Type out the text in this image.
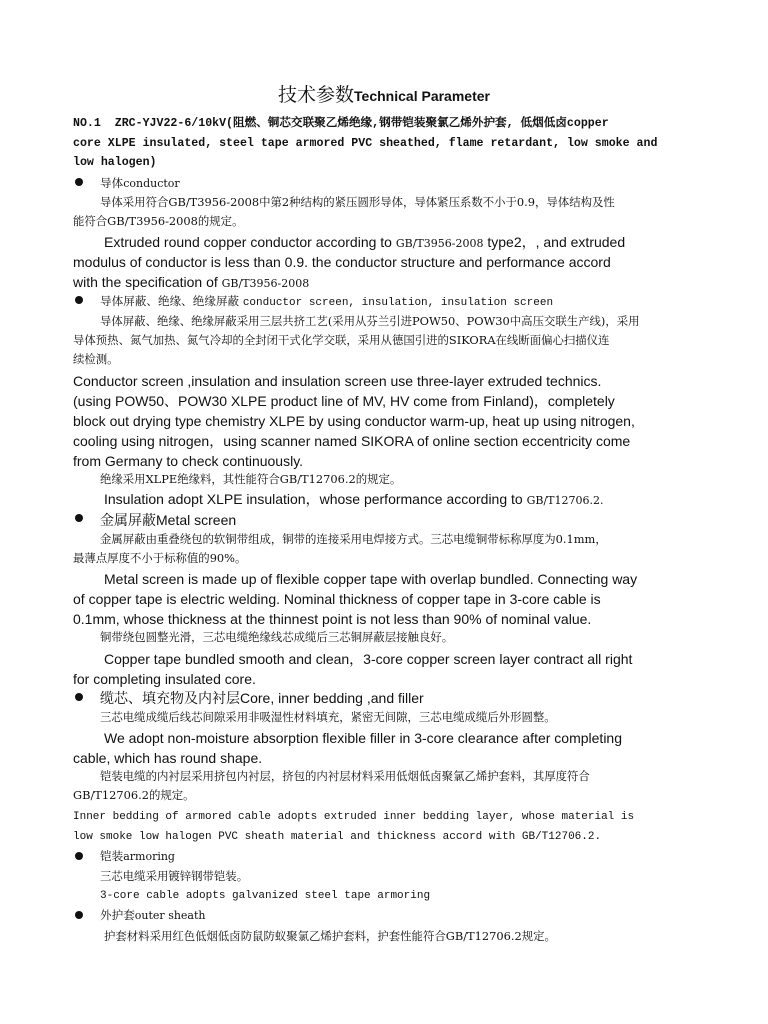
技术参数Technical Parameter
NO.1  ZRC-YJV22-6/10kV(阻燃、铜芯交联聚乙烯绝缘,钢带铠装聚氯乙烯外护套, 低烟低卤copper
core XLPE insulated, steel tape armored PVC sheathed, flame retardant, low smoke and
low halogen)
导体conductor
导体采用符合GB/T3956-2008中第2种结构的紧压圆形导体，导体紧压系数不小于0.9，导体结构及性
能符合GB/T3956-2008的规定。
Extruded round copper conductor according to GB/T3956-2008 type2，, and extruded
modulus of conductor is less than 0.9. the conductor structure and performance accord
with the specification of GB/T3956-2008
导体屏蔽、绝缘、绝缘屏蔽 conductor screen, insulation, insulation screen
导体屏蔽、绝缘、绝缘屏蔽采用三层共挤工艺(采用从芬兰引进POW50、POW30中高压交联生产线)，采用
导体预热、氮气加热、氮气冷却的全封闭干式化学交联，采用从德国引进的SIKORA在线断面偏心扫描仪连
续检测。
Conductor screen ,insulation and insulation screen use three-layer extruded technics.
(using POW50、POW30 XLPE product line of MV, HV come from Finland)，completely
block out drying type chemistry XLPE by using conductor warm-up, heat up using nitrogen,
cooling using nitrogen，using scanner named SIKORA of online section eccentricity come
from Germany to check continuously.
绝缘采用XLPE绝缘料，其性能符合GB/T12706.2的规定。
Insulation adopt XLPE insulation，whose performance according to GB/T12706.2.
金属屏蔽Metal screen
金属屏蔽由重叠绕包的软铜带组成，铜带的连接采用电焊接方式。三芯电缆铜带标称厚度为0.1mm，
最薄点厚度不小于标称值的90%。
Metal screen is made up of flexible copper tape with overlap bundled. Connecting way
of copper tape is electric welding. Nominal thickness of copper tape in 3-core cable is
0.1mm, whose thickness at the thinnest point is not less than 90% of nominal value.
铜带绕包圆整光滑，三芯电缆绝缘线芯成缆后三芯铜屏蔽层接触良好。
Copper tape bundled smooth and clean，3-core copper screen layer contract all right
for completing insulated core.
缆芯、填充物及内衬层Core, inner bedding ,and filler
三芯电缆成缆后线芯间隙采用非吸湿性材料填充，紧密无间隙，三芯电缆成缆后外形圆整。
We adopt non-moisture absorption flexible filler in 3-core clearance after completing
cable, which has round shape.
铠装电缆的内衬层采用挤包内衬层，挤包的内衬层材料采用低烟低卤聚氯乙烯护套料，其厚度符合
GB/T12706.2的规定。
Inner bedding of armored cable adopts extruded inner bedding layer, whose material is
low smoke low halogen PVC sheath material and thickness accord with GB/T12706.2.
铠装armoring
三芯电缆采用镀锌钢带铠装。
3-core cable adopts galvanized steel tape armoring
外护套outer sheath
护套材料采用红色低烟低卤防鼠防蚁聚氯乙烯护套料，护套性能符合GB/T12706.2规定。
